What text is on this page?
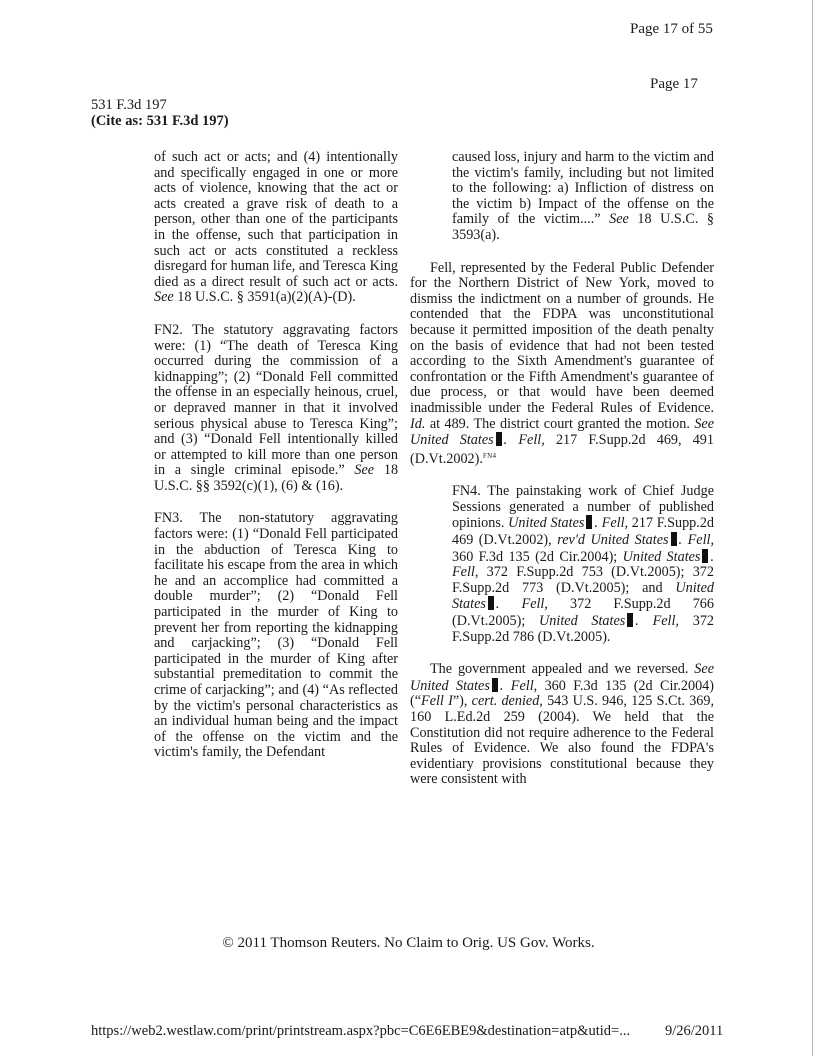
Page 17 of 55
Page 17
531 F.3d 197
(Cite as: 531 F.3d 197)

of such act or acts; and (4) intentionally and specifically engaged in one or more acts of violence, knowing that the act or acts created a grave risk of death to a person, other than one of the participants in the offense, such that participation in such act or acts constituted a reckless disregard for human life, and Teresca King died as a direct result of such act or acts. See 18 U.S.C. § 3591(a)(2)(A)-(D).

FN2. The statutory aggravating factors were: (1) “The death of Teresca King occurred during the commission of a kidnapping”; (2) “Donald Fell committed the offense in an especially heinous, cruel, or depraved manner in that it involved serious physical abuse to Teresca King”; and (3) “Donald Fell intentionally killed or attempted to kill more than one person in a single criminal episode.” See 18 U.S.C. §§ 3592(c)(1), (6) & (16).

FN3. The non-statutory aggravating factors were: (1) “Donald Fell participated in the abduction of Teresca King to facilitate his escape from the area in which he and an accomplice had committed a double murder”; (2) “Donald Fell participated in the murder of King to prevent her from reporting the kidnapping and carjacking”; (3) “Donald Fell participated in the murder of King after substantial premeditation to commit the crime of carjacking”; and (4) “As reflected by the victim's personal characteristics as an individual human being and the impact of the offense on the victim and the victim's family, the Defendant

caused loss, injury and harm to the victim and the victim's family, including but not limited to the following: a) Infliction of distress on the victim b) Impact of the offense on the family of the victim....” See 18 U.S.C. § 3593(a).

Fell, represented by the Federal Public Defender for the Northern District of New York, moved to dismiss the indictment on a number of grounds. He contended that the FDPA was unconstitutional because it permitted imposition of the death penalty on the basis of evidence that had not been tested according to the Sixth Amendment's guarantee of confrontation or the Fifth Amendment's guarantee of due process, or that would have been deemed inadmissible under the Federal Rules of Evidence. Id. at 489. The district court granted the motion. See United States . Fell, 217 F.Supp.2d 469, 491 (D.Vt.2002).$^{FN4}$

FN4. The painstaking work of Chief Judge Sessions generated a number of published opinions. United States . Fell, 217 F.Supp.2d 469 (D.Vt.2002), rev'd United States . Fell, 360 F.3d 135 (2d Cir.2004); United States . Fell, 372 F.Supp.2d 753 (D.Vt.2005); 372 F.Supp.2d 773 (D.Vt.2005); and United States . Fell, 372 F.Supp.2d 766 (D.Vt.2005); United States . Fell, 372 F.Supp.2d 786 (D.Vt.2005).

The government appealed and we reversed. See United States . Fell, 360 F.3d 135 (2d Cir.2004) (“Fell I”), cert. denied, 543 U.S. 946, 125 S.Ct. 369, 160 L.Ed.2d 259 (2004). We held that the Constitution did not require adherence to the Federal Rules of Evidence. We also found the FDPA's evidentiary provisions constitutional because they were consistent with

© 2011 Thomson Reuters. No Claim to Orig. US Gov. Works.
https://web2.westlaw.com/print/printstream.aspx?pbc=C6E6EBE9&destination=atp&utid=... 9/26/2011
